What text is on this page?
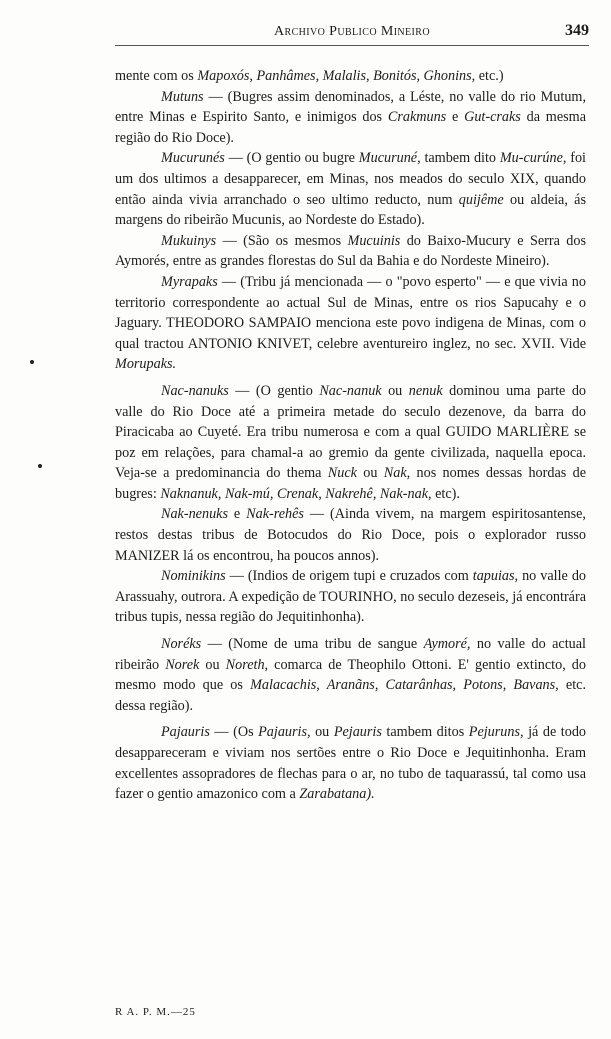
Archivo Publico Mineiro	349

mente com os Mapoxós, Panhâmes, Malalis, Bonitós, Ghonins, etc.)

Mutuns — (Bugres assim denominados, a Léste, no valle do rio Mutum, entre Minas e Espirito Santo, e inimigos dos Crakmuns e Gut-craks da mesma região do Rio Doce).

Mucurunés — (O gentio ou bugre Mucuruné, tambem dito Mu-curúne, foi um dos ultimos a desapparecer, em Minas, nos meados do seculo XIX, quando então ainda vivia arranchado o seo ultimo reducto, num quijême ou aldeia, ás margens do ribeirão Mucunis, ao Nordeste do Estado).

Mukuinys — (São os mesmos Mucuinis do Baixo-Mucury e Serra dos Aymorés, entre as grandes florestas do Sul da Bahia e do Nordeste Mineiro).

Myrapaks — (Tribu já mencionada — o "povo esperto" — e que vivia no territorio correspondente ao actual Sul de Minas, entre os rios Sapucahy e o Jaguary. THEODORO SAMPAIO menciona este povo indigena de Minas, com o qual tractou ANTONIO KNIVET, celebre aventureiro inglez, no sec. XVII. Vide Morupaks.

Nac-nanuks — (O gentio Nac-nanuk ou nenuk dominou uma parte do valle do Rio Doce até a primeira metade do seculo dezenove, da barra do Piracicaba ao Cuyeté. Era tribu numerosa e com a qual GUIDO MARLIÈRE se poz em relações, para chamal-a ao gremio da gente civilizada, naquella epoca. Veja-se a predominancia do thema Nuck ou Nak, nos nomes dessas hordas de bugres: Naknanuk, Nak-mú, Crenak, Nakrehê, Nak-nak, etc).

Nak-nenuks e Nak-rehês — (Ainda vivem, na margem espiritosantense, restos destas tribus de Botocudos do Rio Doce, pois o explorador russo MANIZER lá os encontrou, ha poucos annos).

Nominikins — (Indios de origem tupi e cruzados com tapuias, no valle do Arassuahy, outrora. A expedição de TOURINHO, no seculo dezeseis, já encontrára tribus tupis, nessa região do Jequitinhonha).

Noréks — (Nome de uma tribu de sangue Aymoré, no valle do actual ribeirão Norek ou Noreth, comarca de Theophilo Ottoni. E' gentio extincto, do mesmo modo que os Malacachis, Aranãns, Catarânhas, Potons, Bavans, etc. dessa região).

Pajauris — (Os Pajauris, ou Pejauris tambem ditos Pejuruns, já de todo desappareceram e viviam nos sertões entre o Rio Doce e Jequitinhonha. Eram excellentes assopradores de flechas para o ar, no tubo de taquarassú, tal como usa fazer o gentio amazonico com a Zarabatana).

R A. P. M.—25
